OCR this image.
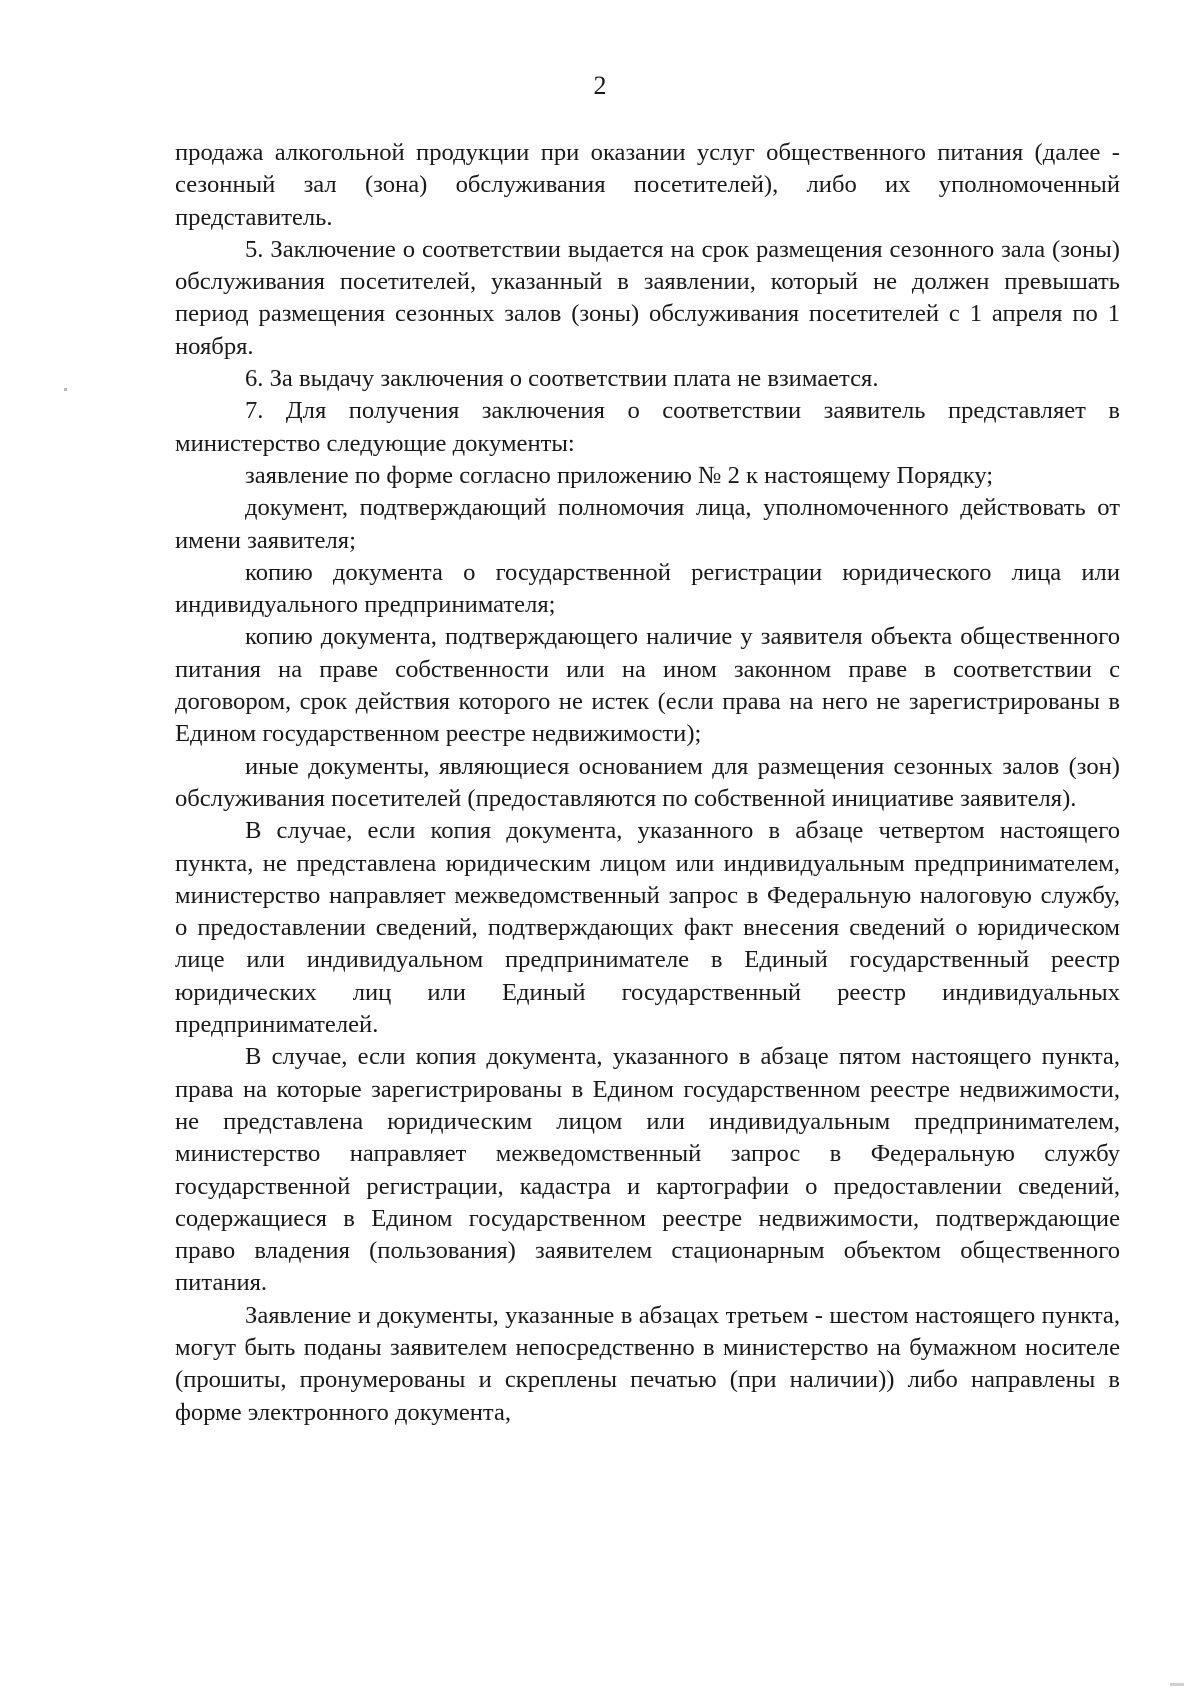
2

продажа алкогольной продукции при оказании услуг общественного питания (далее - сезонный зал (зона) обслуживания посетителей), либо их уполномоченный представитель.

5. Заключение о соответствии выдается на срок размещения сезонного зала (зоны) обслуживания посетителей, указанный в заявлении, который не должен превышать период размещения сезонных залов (зоны) обслуживания посетителей с 1 апреля по 1 ноября.

6. За выдачу заключения о соответствии плата не взимается.

7. Для получения заключения о соответствии заявитель представляет в министерство следующие документы:

заявление по форме согласно приложению № 2 к настоящему Порядку;

документ, подтверждающий полномочия лица, уполномоченного действовать от имени заявителя;

копию документа о государственной регистрации юридического лица или индивидуального предпринимателя;

копию документа, подтверждающего наличие у заявителя объекта общественного питания на праве собственности или на ином законном праве в соответствии с договором, срок действия которого не истек (если права на него не зарегистрированы в Едином государственном реестре недвижимости);

иные документы, являющиеся основанием для размещения сезонных залов (зон) обслуживания посетителей (предоставляются по собственной инициативе заявителя).

В случае, если копия документа, указанного в абзаце четвертом настоящего пункта, не представлена юридическим лицом или индивидуальным предпринимателем, министерство направляет межведомственный запрос в Федеральную налоговую службу, о предоставлении сведений, подтверждающих факт внесения сведений о юридическом лице или индивидуальном предпринимателе в Единый государственный реестр юридических лиц или Единый государственный реестр индивидуальных предпринимателей.

В случае, если копия документа, указанного в абзаце пятом настоящего пункта, права на которые зарегистрированы в Едином государственном реестре недвижимости, не представлена юридическим лицом или индивидуальным предпринимателем, министерство направляет межведомственный запрос в Федеральную службу государственной регистрации, кадастра и картографии о предоставлении сведений, содержащиеся в Едином государственном реестре недвижимости, подтверждающие право владения (пользования) заявителем стационарным объектом общественного питания.

Заявление и документы, указанные в абзацах третьем - шестом настоящего пункта, могут быть поданы заявителем непосредственно в министерство на бумажном носителе (прошиты, пронумерованы и скреплены печатью (при наличии)) либо направлены в форме электронного документа,
